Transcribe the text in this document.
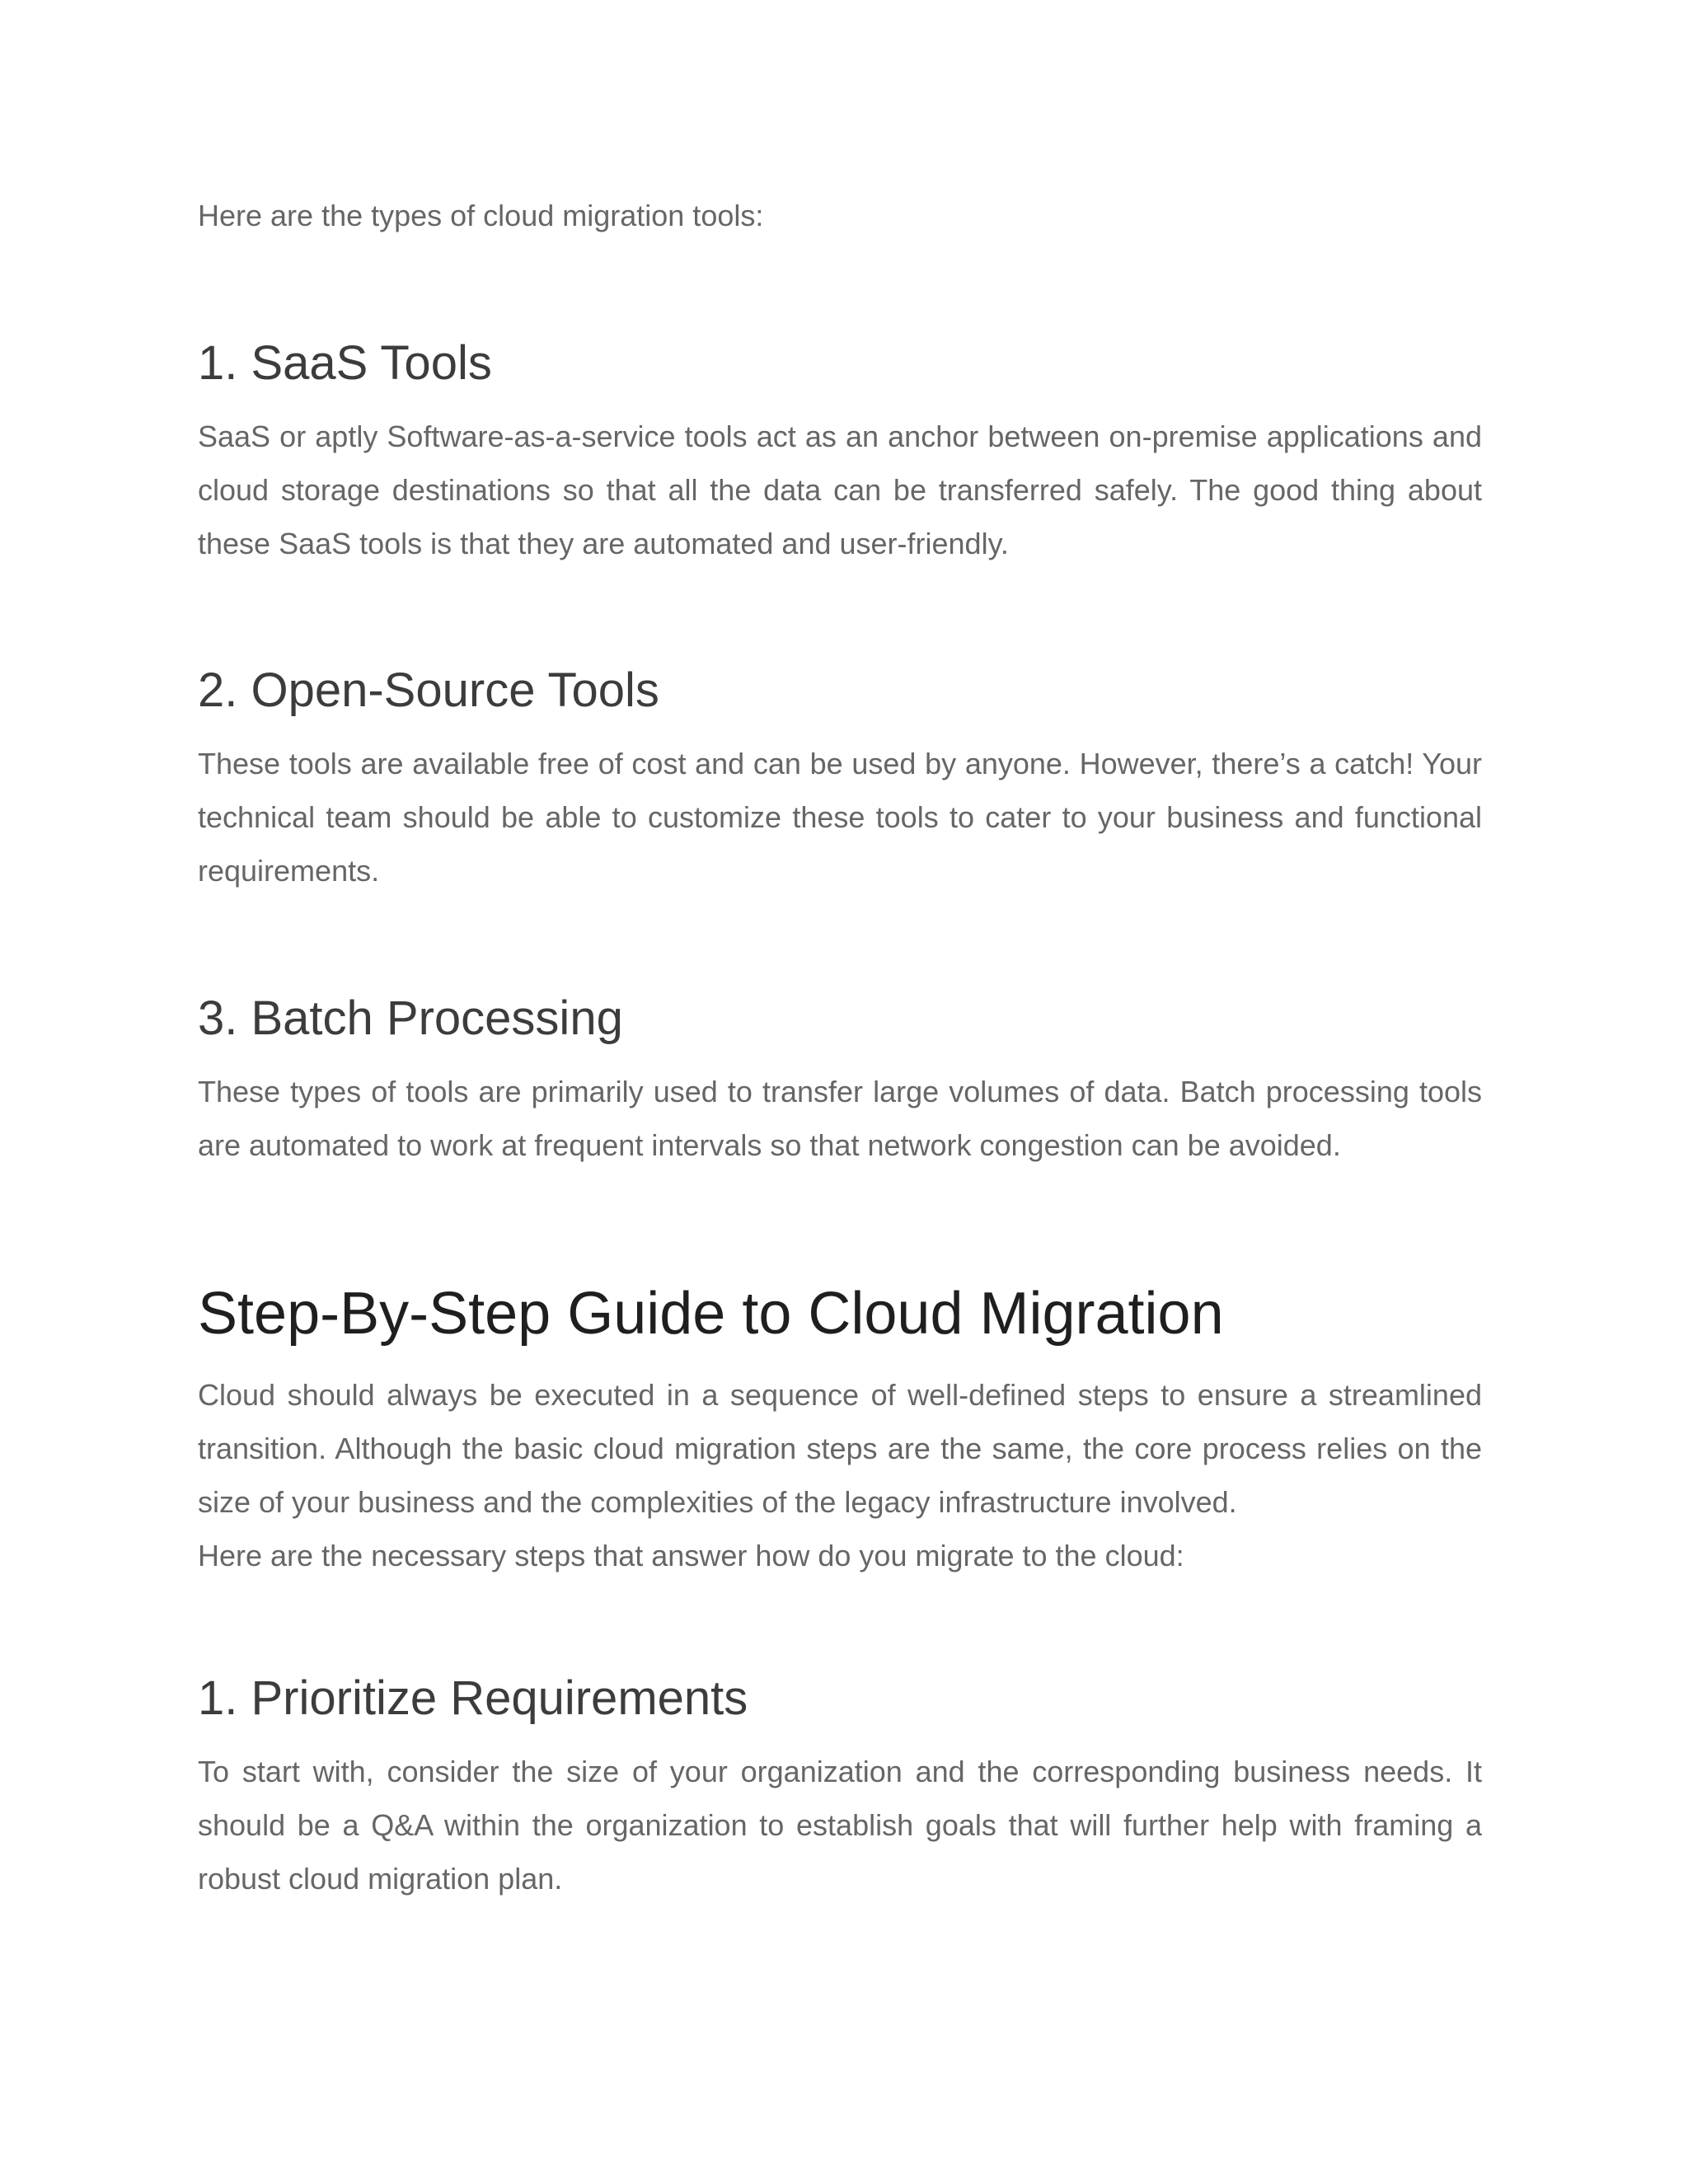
Here are the types of cloud migration tools:

1. SaaS Tools

SaaS or aptly Software-as-a-service tools act as an anchor between on-premise applications and cloud storage destinations so that all the data can be transferred safely. The good thing about these SaaS tools is that they are automated and user-friendly.

2. Open-Source Tools

These tools are available free of cost and can be used by anyone. However, there’s a catch! Your technical team should be able to customize these tools to cater to your business and functional requirements.

3. Batch Processing

These types of tools are primarily used to transfer large volumes of data. Batch processing tools are automated to work at frequent intervals so that network congestion can be avoided.

Step-By-Step Guide to Cloud Migration

Cloud should always be executed in a sequence of well-defined steps to ensure a streamlined transition. Although the basic cloud migration steps are the same, the core process relies on the size of your business and the complexities of the legacy infrastructure involved.

Here are the necessary steps that answer how do you migrate to the cloud:

1. Prioritize Requirements

To start with, consider the size of your organization and the corresponding business needs. It should be a Q&A within the organization to establish goals that will further help with framing a robust cloud migration plan.
